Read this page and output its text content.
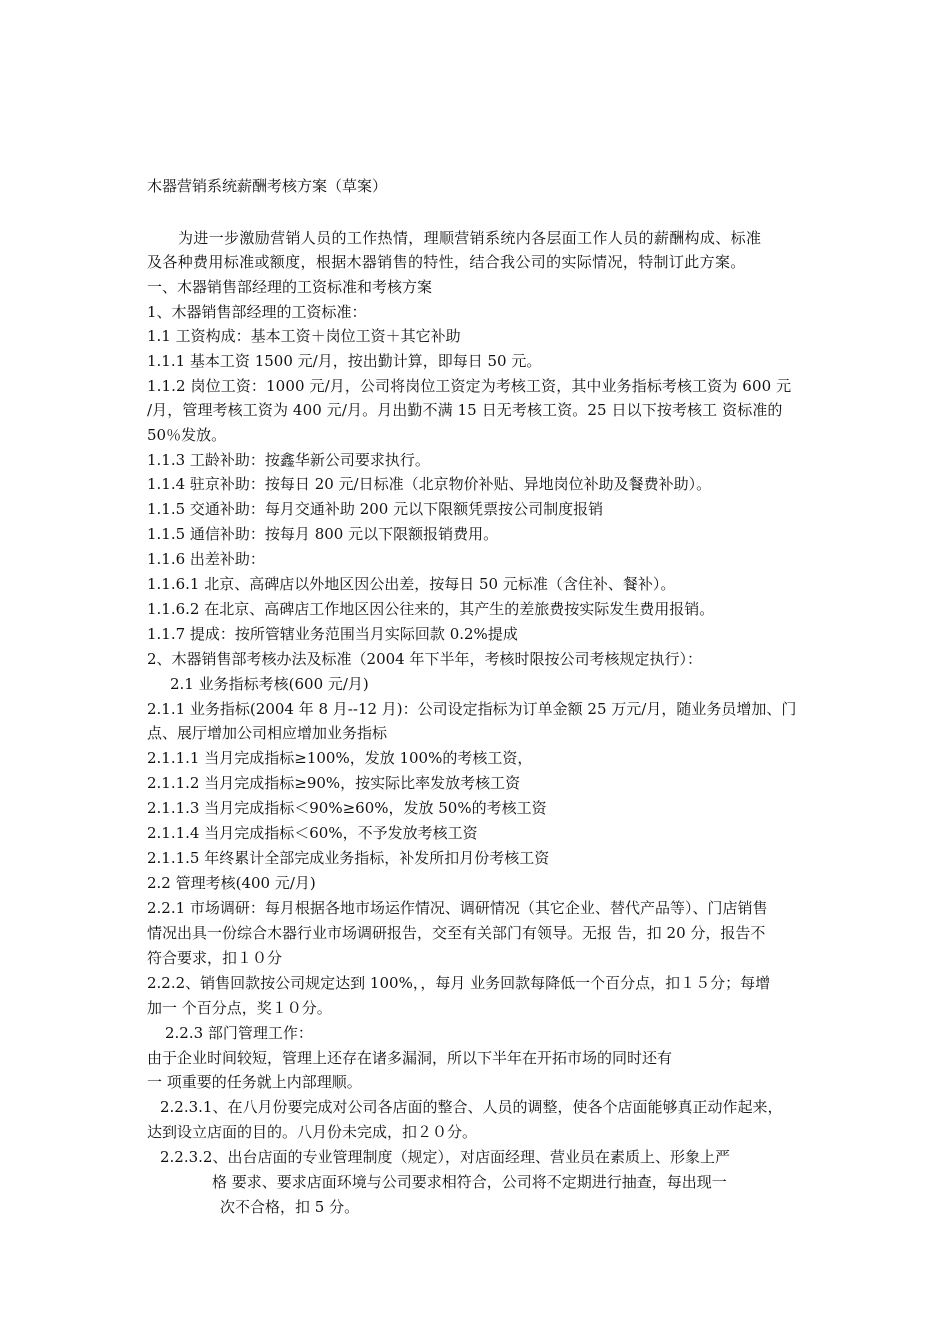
木器营销系统薪酬考核方案（草案）
为进一步激励营销人员的工作热情，理顺营销系统内各层面工作人员的薪酬构成、标准
及各种费用标准或额度，根据木器销售的特性，结合我公司的实际情况，特制订此方案。
一、木器销售部经理的工资标准和考核方案
1、木器销售部经理的工资标准：
1.1 工资构成：基本工资＋岗位工资＋其它补助
1.1.1 基本工资 1500 元/月，按出勤计算，即每日 50 元。
1.1.2 岗位工资：1000 元/月，公司将岗位工资定为考核工资，其中业务指标考核工资为 600 元
/月，管理考核工资为 400 元/月。月出勤不满 15 日无考核工资。25 日以下按考核工 资标准的
50％发放。
1.1.3 工龄补助：按鑫华新公司要求执行。
1.1.4 驻京补助：按每日 20 元/日标准（北京物价补贴、异地岗位补助及餐费补助）。
1.1.5 交通补助：每月交通补助 200 元以下限额凭票按公司制度报销
1.1.5 通信补助：按每月 800 元以下限额报销费用。
1.1.6 出差补助：
1.1.6.1 北京、高碑店以外地区因公出差，按每日 50 元标准（含住补、餐补）。
1.1.6.2 在北京、高碑店工作地区因公往来的，其产生的差旅费按实际发生费用报销。
1.1.7 提成：按所管辖业务范围当月实际回款 0.2%提成
2、木器销售部考核办法及标准（2004 年下半年，考核时限按公司考核规定执行）：
2.1 业务指标考核(600 元/月)
2.1.1 业务指标(2004 年 8 月--12 月)：公司设定指标为订单金额 25 万元/月，随业务员增加、门
点、展厅增加公司相应增加业务指标
2.1.1.1 当月完成指标≥100%，发放 100%的考核工资，
2.1.1.2 当月完成指标≥90%，按实际比率发放考核工资
2.1.1.3 当月完成指标＜90%≥60%，发放 50%的考核工资
2.1.1.4 当月完成指标＜60%，不予发放考核工资
2.1.1.5 年终累计全部完成业务指标，补发所扣月份考核工资
2.2 管理考核(400 元/月)
2.2.1 市场调研：每月根据各地市场运作情况、调研情况（其它企业、替代产品等）、门店销售
情况出具一份综合木器行业市场调研报告，交至有关部门有领导。无报 告，扣 20 分，报告不
符合要求，扣１０分
2.2.2、销售回款按公司规定达到 100%，，每月 业务回款每降低一个百分点，扣１５分；每增
加一 个百分点，奖１０分。
2.2.3 部门管理工作：
由于企业时间较短，管理上还存在诸多漏洞，所以下半年在开拓市场的同时还有
一 项重要的任务就上内部理顺。
2.2.3.1、在八月份要完成对公司各店面的整合、人员的调整，使各个店面能够真正动作起来，
达到设立店面的目的。八月份未完成，扣２０分。
2.2.3.2、出台店面的专业管理制度（规定），对店面经理、营业员在素质上、形象上严
格 要求、要求店面环境与公司要求相符合，公司将不定期进行抽查，每出现一
次不合格，扣 5 分。
